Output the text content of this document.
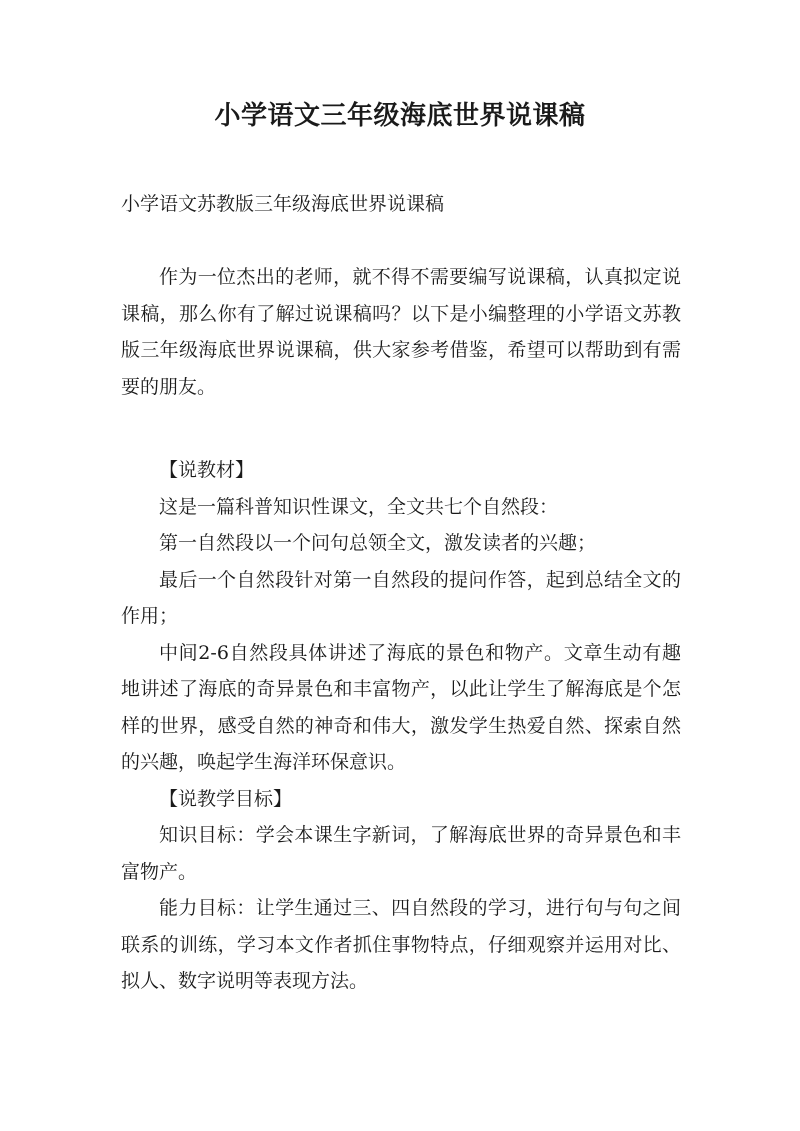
小学语文三年级海底世界说课稿

小学语文苏教版三年级海底世界说课稿

作为一位杰出的老师，就不得不需要编写说课稿，认真拟定说课稿，那么你有了解过说课稿吗？以下是小编整理的小学语文苏教版三年级海底世界说课稿，供大家参考借鉴，希望可以帮助到有需要的朋友。

【说教材】

这是一篇科普知识性课文，全文共七个自然段：

第一自然段以一个问句总领全文，激发读者的兴趣；

最后一个自然段针对第一自然段的提问作答，起到总结全文的作用；

中间2-6自然段具体讲述了海底的景色和物产。文章生动有趣地讲述了海底的奇异景色和丰富物产，以此让学生了解海底是个怎样的世界，感受自然的神奇和伟大，激发学生热爱自然、探索自然的兴趣，唤起学生海洋环保意识。

【说教学目标】

知识目标：学会本课生字新词，了解海底世界的奇异景色和丰富物产。

能力目标：让学生通过三、四自然段的学习，进行句与句之间联系的训练，学习本文作者抓住事物特点，仔细观察并运用对比、拟人、数字说明等表现方法。
